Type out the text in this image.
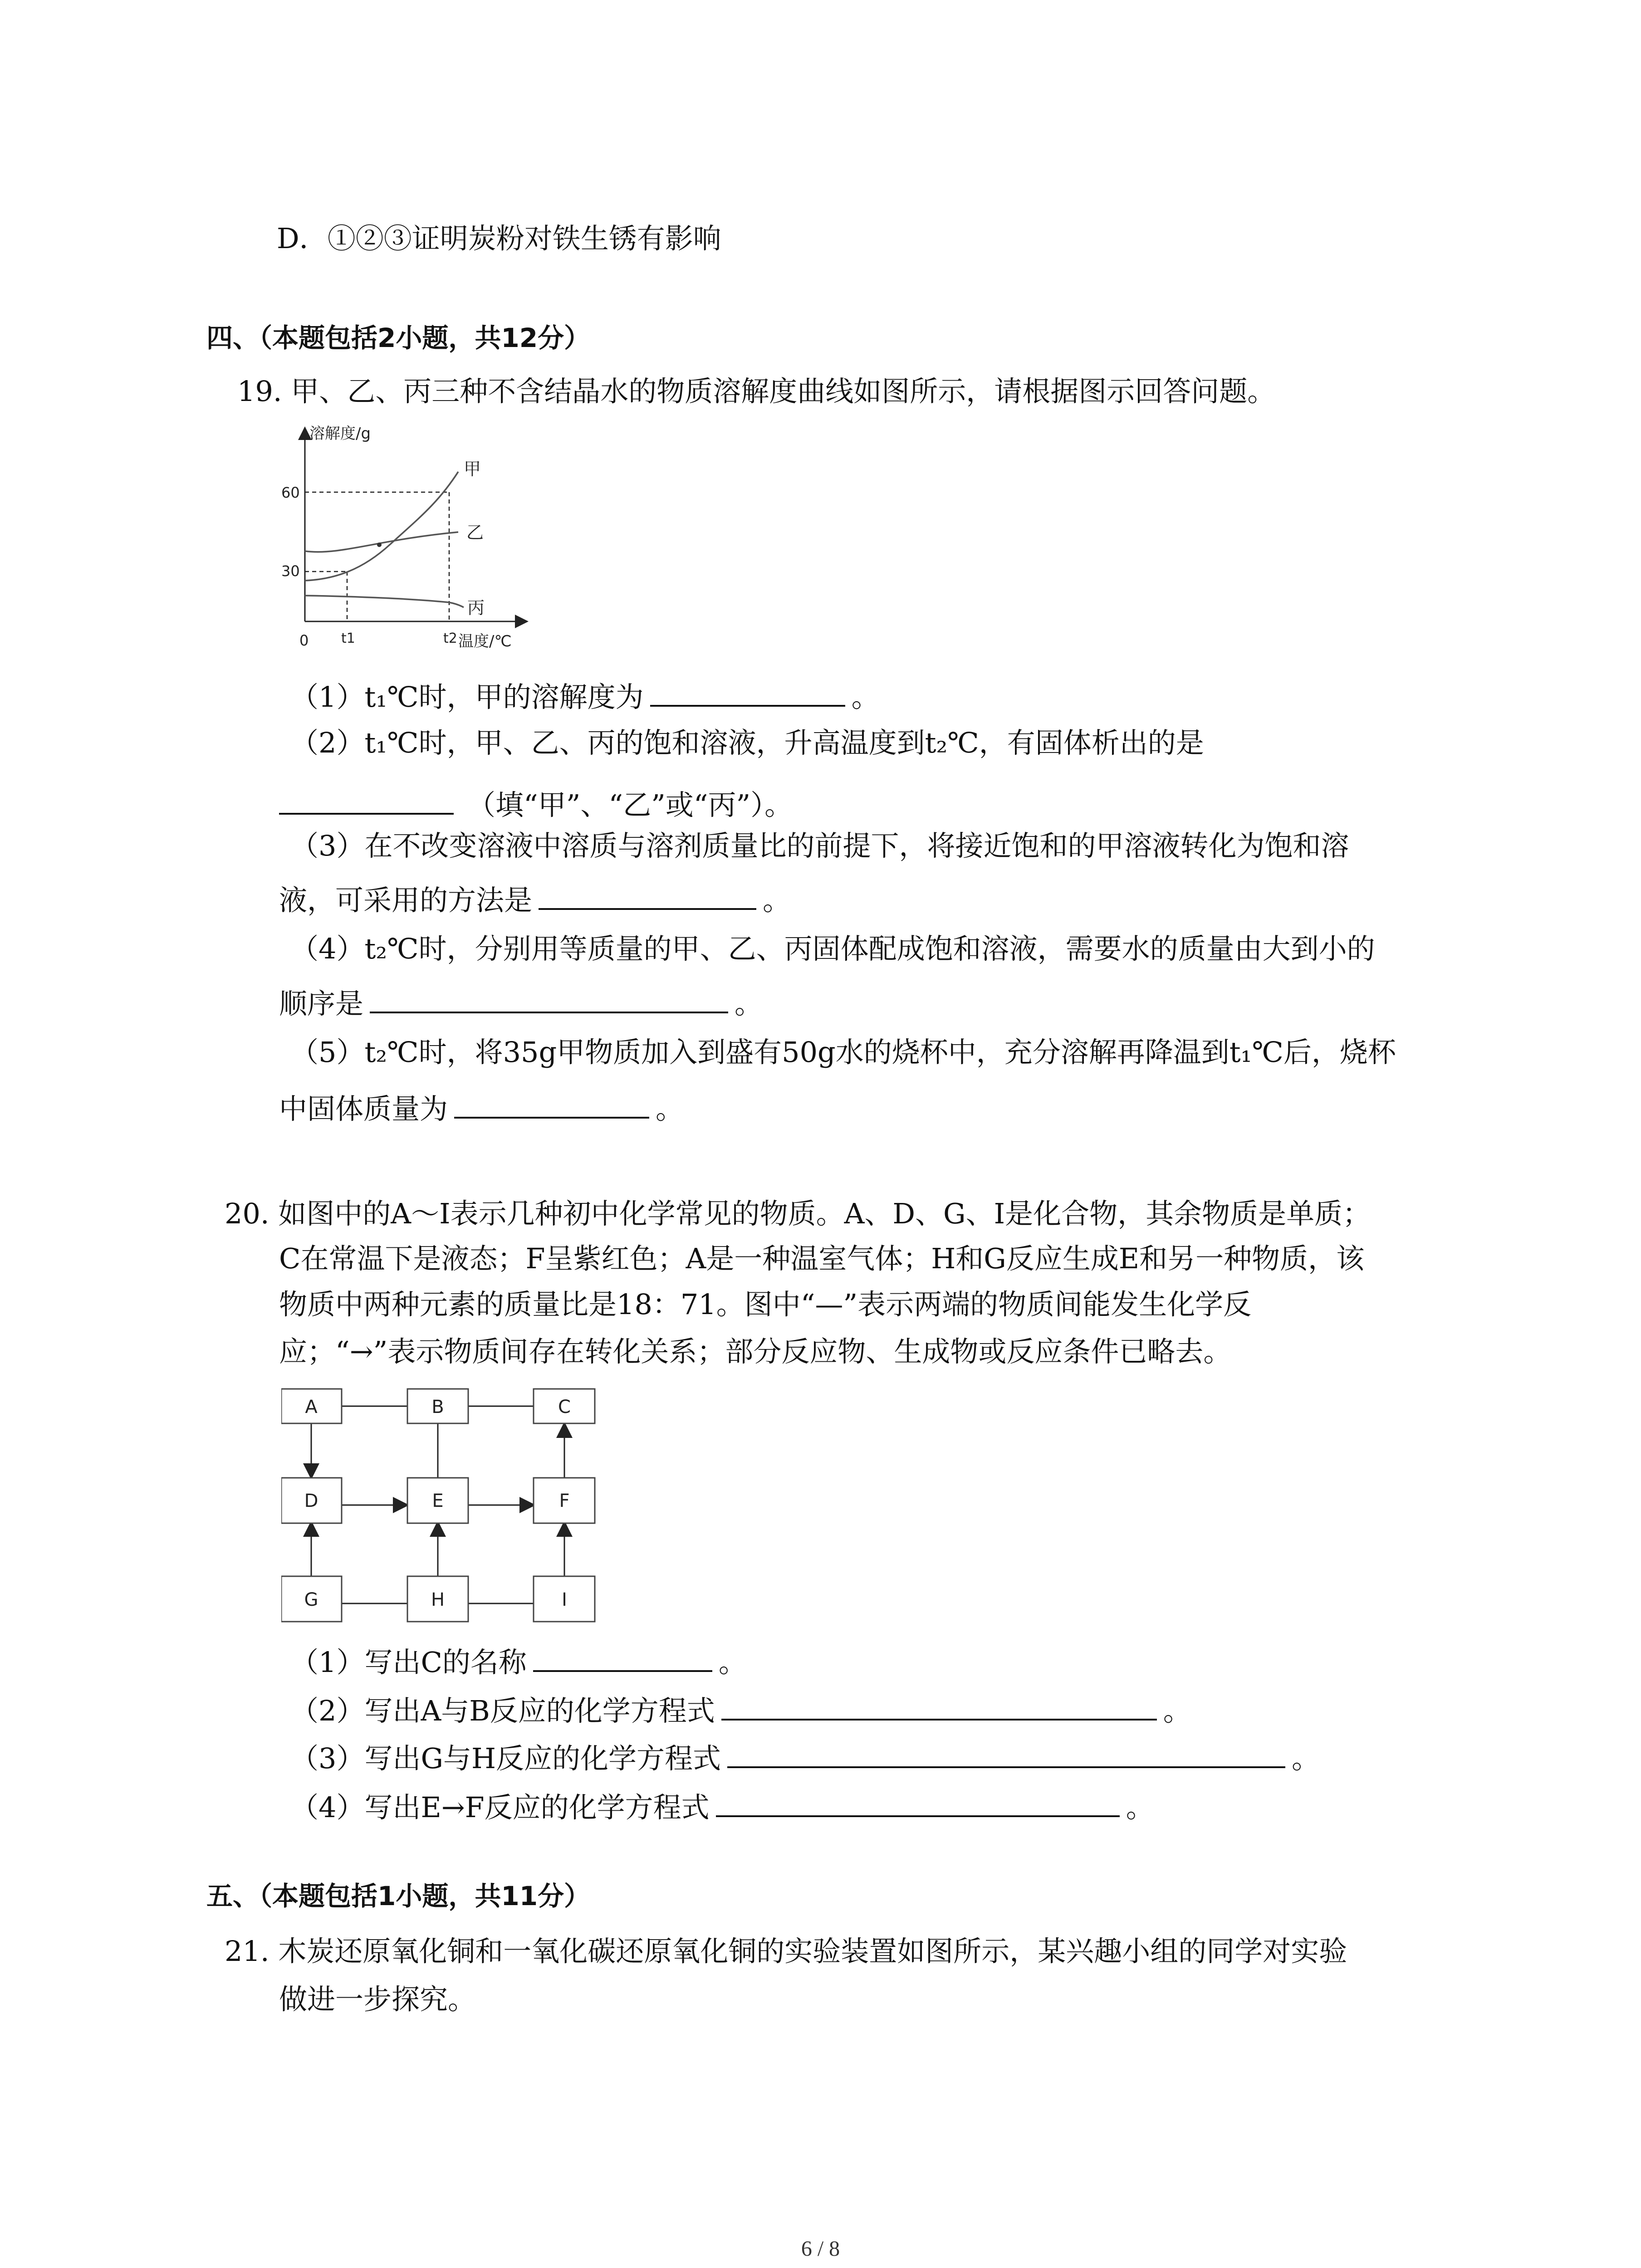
D．①②③证明炭粉对铁生锈有影响
四、（本题包括2小题，共12分）
19. 甲、乙、丙三种不含结晶水的物质溶解度曲线如图所示，请根据图示回答问题。
溶解度/g
60
30
0 t1	t2 温度/℃
甲
乙
丙
（1）t₁℃时，甲的溶解度为	。
（2）t₁℃时，甲、乙、丙的饱和溶液，升高温度到t₂℃，有固体析出的是
（填“甲”、“乙”或“丙”）。
（3）在不改变溶液中溶质与溶剂质量比的前提下，将接近饱和的甲溶液转化为饱和溶
液，可采用的方法是	。
（4）t₂℃时，分别用等质量的甲、乙、丙固体配成饱和溶液，需要水的质量由大到小的
顺序是	。
（5）t₂℃时，将35g甲物质加入到盛有50g水的烧杯中，充分溶解再降温到t₁℃后，烧杯
中固体质量为	。
20. 如图中的A～I表示几种初中化学常见的物质。A、D、G、I是化合物，其余物质是单质；
C在常温下是液态；F呈紫红色；A是一种温室气体；H和G反应生成E和另一种物质，该
物质中两种元素的质量比是18：71。图中“—”表示两端的物质间能发生化学反
应；“→”表示物质间存在转化关系；部分反应物、生成物或反应条件已略去。
A	B	C
D	E	F
G	H	I
（1）写出C的名称	。
（2）写出A与B反应的化学方程式	。
（3）写出G与H反应的化学方程式	。
（4）写出E→F反应的化学方程式	。
五、（本题包括1小题，共11分）
21. 木炭还原氧化铜和一氧化碳还原氧化铜的实验装置如图所示，某兴趣小组的同学对实验
做进一步探究。
6 / 8
